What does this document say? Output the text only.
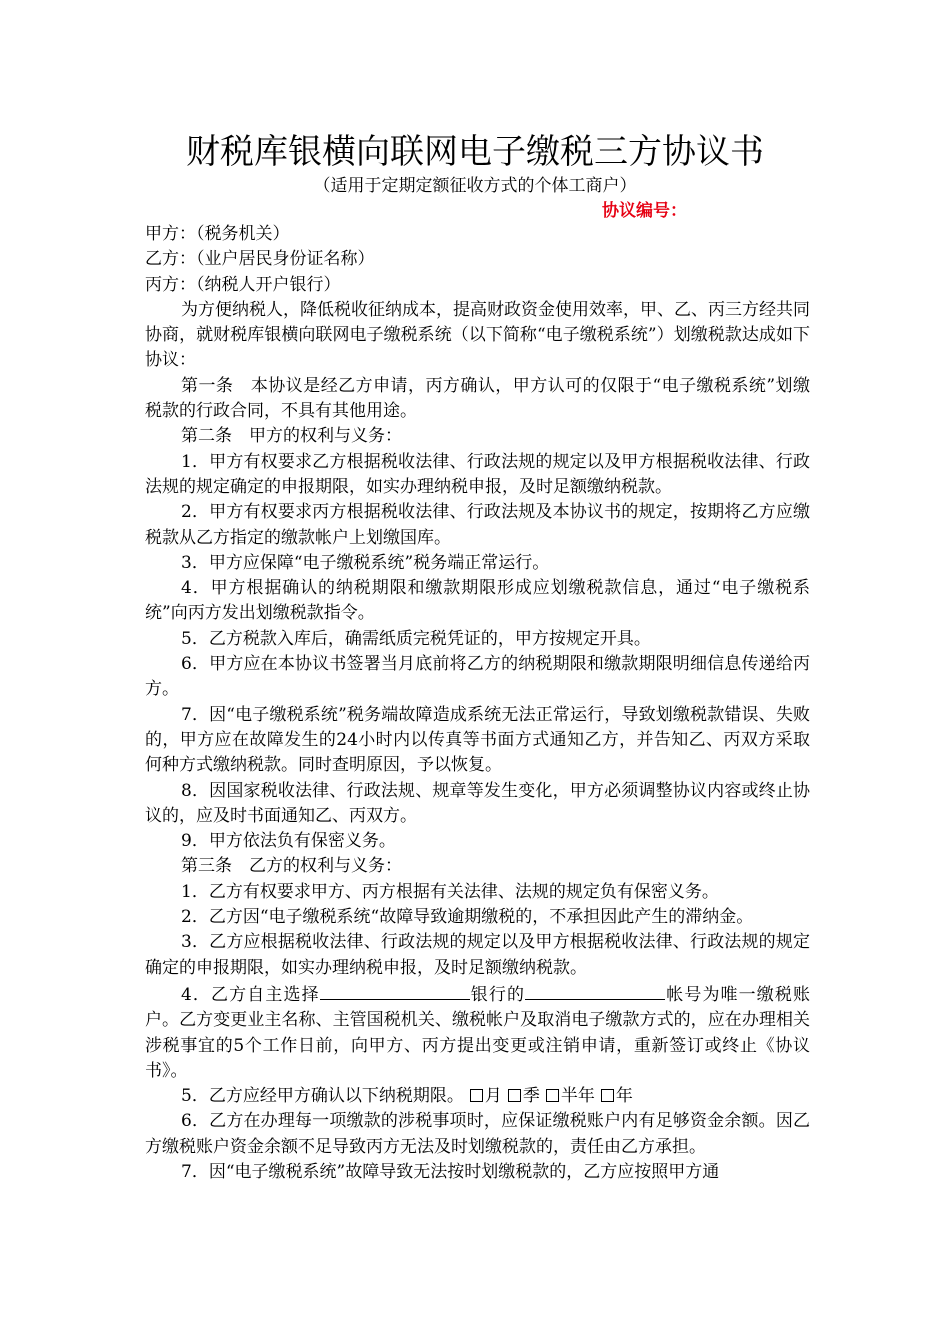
财税库银横向联网电子缴税三方协议书
（适用于定期定额征收方式的个体工商户）
协议编号：

甲方：（税务机关）

乙方：（业户居民身份证名称）

丙方：（纳税人开户银行）

为方便纳税人，降低税收征纳成本，提高财政资金使用效率，甲、乙、丙三方经共同协商，就财税库银横向联网电子缴税系统（以下简称“电子缴税系统”）划缴税款达成如下协议：

第一条　本协议是经乙方申请，丙方确认，甲方认可的仅限于“电子缴税系统”划缴税款的行政合同，不具有其他用途。

第二条　甲方的权利与义务：

1．甲方有权要求乙方根据税收法律、行政法规的规定以及甲方根据税收法律、行政法规的规定确定的申报期限，如实办理纳税申报，及时足额缴纳税款。

2．甲方有权要求丙方根据税收法律、行政法规及本协议书的规定，按期将乙方应缴税款从乙方指定的缴款帐户上划缴国库。

3．甲方应保障“电子缴税系统”税务端正常运行。

4．甲方根据确认的纳税期限和缴款期限形成应划缴税款信息，通过“电子缴税系统”向丙方发出划缴税款指令。

5．乙方税款入库后，确需纸质完税凭证的，甲方按规定开具。

6．甲方应在本协议书签署当月底前将乙方的纳税期限和缴款期限明细信息传递给丙方。

7．因“电子缴税系统”税务端故障造成系统无法正常运行，导致划缴税款错误、失败的，甲方应在故障发生的24小时内以传真等书面方式通知乙方，并告知乙、丙双方采取何种方式缴纳税款。同时查明原因，予以恢复。

8．因国家税收法律、行政法规、规章等发生变化，甲方必须调整协议内容或终止协议的，应及时书面通知乙、丙双方。

9．甲方依法负有保密义务。

第三条　乙方的权利与义务：

1．乙方有权要求甲方、丙方根据有关法律、法规的规定负有保密义务。

2．乙方因“电子缴税系统“故障导致逾期缴税的，不承担因此产生的滞纳金。

3．乙方应根据税收法律、行政法规的规定以及甲方根据税收法律、行政法规的规定确定的申报期限，如实办理纳税申报，及时足额缴纳税款。

4．乙方自主选择	银行的	帐号为唯一缴税账户。乙方变更业主名称、主管国税机关、缴税帐户及取消电子缴款方式的，应在办理相关涉税事宜的5个工作日前，向甲方、丙方提出变更或注销申请，重新签订或终止《协议书》。

5．乙方应经甲方确认以下纳税期限。 月 季 半年 年

6．乙方在办理每一项缴款的涉税事项时，应保证缴税账户内有足够资金余额。因乙方缴税账户资金余额不足导致丙方无法及时划缴税款的，责任由乙方承担。

7．因“电子缴税系统”故障导致无法按时划缴税款的，乙方应按照甲方通
